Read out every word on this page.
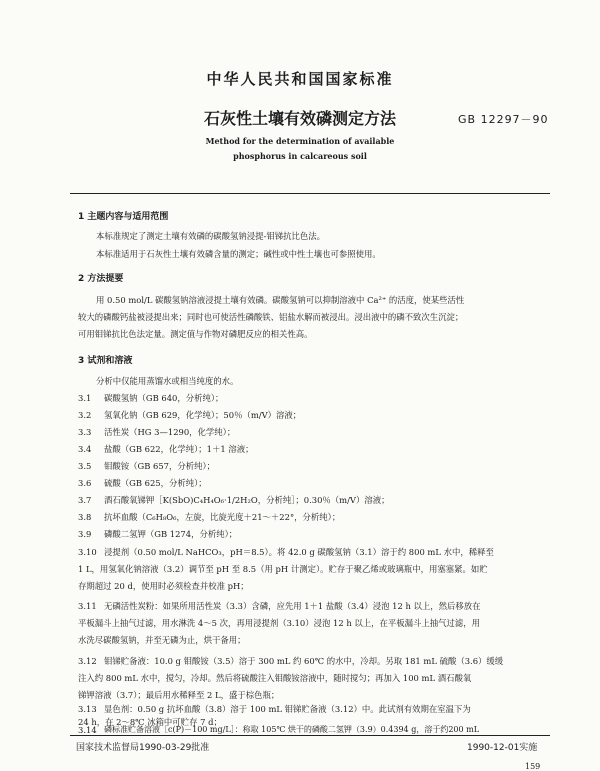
中华人民共和国国家标准
石灰性土壤有效磷测定方法	GB 12297－90
Method for the determination of available
phosphorus in calcareous soil
1 主题内容与适用范围
本标准规定了测定土壤有效磷的碳酸氢钠浸提-钼锑抗比色法。
本标准适用于石灰性土壤有效磷含量的测定；碱性或中性土壤也可参照使用。
2 方法提要
用 0.50 mol/L 碳酸氢钠溶液浸提土壤有效磷。碳酸氢钠可以抑制溶液中 Ca²⁺ 的活度，使某些活性
较大的磷酸钙盐被浸提出来；同时也可使活性磷酸铁、铝盐水解而被浸出。浸出液中的磷不致次生沉淀；
可用钼锑抗比色法定量。测定值与作物对磷肥反应的相关性高。
3 试剂和溶液
分析中仅能用蒸馏水或相当纯度的水。
3.1 碳酸氢钠（GB 640，分析纯）；
3.2 氢氧化钠（GB 629，化学纯）；50％（m/V）溶液；
3.3 活性炭（HG 3—1290，化学纯）；
3.4 盐酸（GB 622，化学纯）；1＋1 溶液；
3.5 钼酸铵（GB 657，分析纯）；
3.6 硫酸（GB 625，分析纯）；
3.7 酒石酸氧锑钾［K(SbO)C₄H₄O₆·1/2H₂O，分析纯］；0.30％（m/V）溶液；
3.8 抗坏血酸（C₆H₈O₆，左旋，比旋光度＋21～＋22°，分析纯）；
3.9 磷酸二氢钾（GB 1274，分析纯）；
3.10 浸提剂（0.50 mol/L NaHCO₃，pH＝8.5）。将 42.0 g 碳酸氢钠（3.1）溶于约 800 mL 水中，稀释至
1 L，用氢氧化钠溶液（3.2）调节至 pH 至 8.5（用 pH 计测定）。贮存于聚乙烯或玻璃瓶中，用塞塞紧。如贮
存期超过 20 d，使用时必须检查并校准 pH；
3.11 无磷活性炭粉：如果所用活性炭（3.3）含磷，应先用 1＋1 盐酸（3.4）浸泡 12 h 以上，然后移放在
平板漏斗上抽气过滤，用水淋洗 4～5 次，再用浸提剂（3.10）浸泡 12 h 以上，在平板漏斗上抽气过滤，用
水洗尽碳酸氢钠，并至无磷为止，烘干备用；
3.12 钼锑贮备液：10.0 g 钼酸铵（3.5）溶于 300 mL 约 60℃ 的水中，冷却。另取 181 mL 硫酸（3.6）缓缓
注入约 800 mL 水中，搅匀，冷却。然后将硫酸注入钼酸铵溶液中，随时搅匀；再加入 100 mL 酒石酸氧
锑钾溶液（3.7）；最后用水稀释至 2 L，盛于棕色瓶；
3.13 显色剂：0.50 g 抗坏血酸（3.8）溶于 100 mL 钼锑贮备液（3.12）中。此试剂有效期在室温下为
24 h，在 2～8℃ 冰箱中可贮存 7 d；
3.14 磷标准贮备溶液［c(P)－100 mg/L］：称取 105℃ 烘干的磷酸二氢钾（3.9）0.4394 g，溶于约200 mL
国家技术监督局1990-03-29批准	1990-12-01实施
159
